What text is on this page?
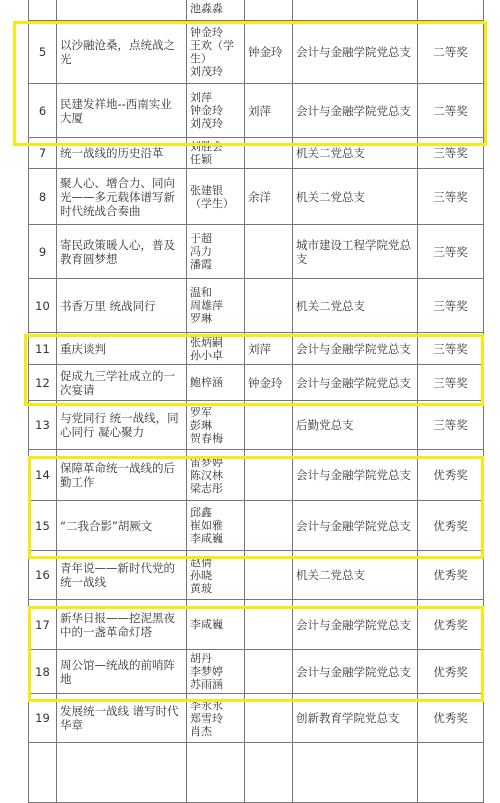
		池淼淼			
5	以沙融沧桑，点统战之光	钟金玲
王欢（学生）
刘茂玲	钟金玲	会计与金融学院党总支	二等奖
6	民建发祥地--西南实业大厦	刘萍
钟金玲
刘茂玲	刘萍	会计与金融学院党总支	二等奖
7	统一战线的历史沿革	刘胜会
任颖		机关二党总支	三等奖
8	聚人心、增合力、同向光——多元载体谱写新时代统战合奏曲	张建银
（学生）	余洋	机关二党总支	三等奖
9	寄民政策暖人心，普及教育圆梦想	于超
冯力
潘霞		城市建设工程学院党总支	三等奖
10	书香万里 统战同行	温和
周雄萍
罗琳		机关二党总支	三等奖
11	重庆谈判	张炳嗣
孙小卓	刘萍	会计与金融学院党总支	三等奖
12	促成九三学社成立的一次宴请	鲍梓涵	钟金玲	会计与金融学院党总支	三等奖
13	与党同行 统一战线，同心同行 凝心聚力	罗军
彭琳
贺春梅		后勤党总支	三等奖
14	保障革命统一战线的后勤工作	雷梦婷
陈汉林
梁志彤		会计与金融学院党总支	优秀奖
15	“二我合影”胡厥文	邱鑫
崔如雅
李咸巍		会计与金融学院党总支	优秀奖
16	青年说——新时代党的统一战线	赵倩
孙晓
黄玻		机关二党总支	优秀奖
17	新华日报——挖泥黑夜中的一盏革命灯塔	李咸巍		会计与金融学院党总支	优秀奖
18	周公馆—统战的前哨阵地	胡丹
李梦婷
苏雨涵		会计与金融学院党总支	优秀奖
19	发展统一战线 谱写时代华章	李永永
郑雪玲
肖杰		创新教育学院党总支	优秀奖
